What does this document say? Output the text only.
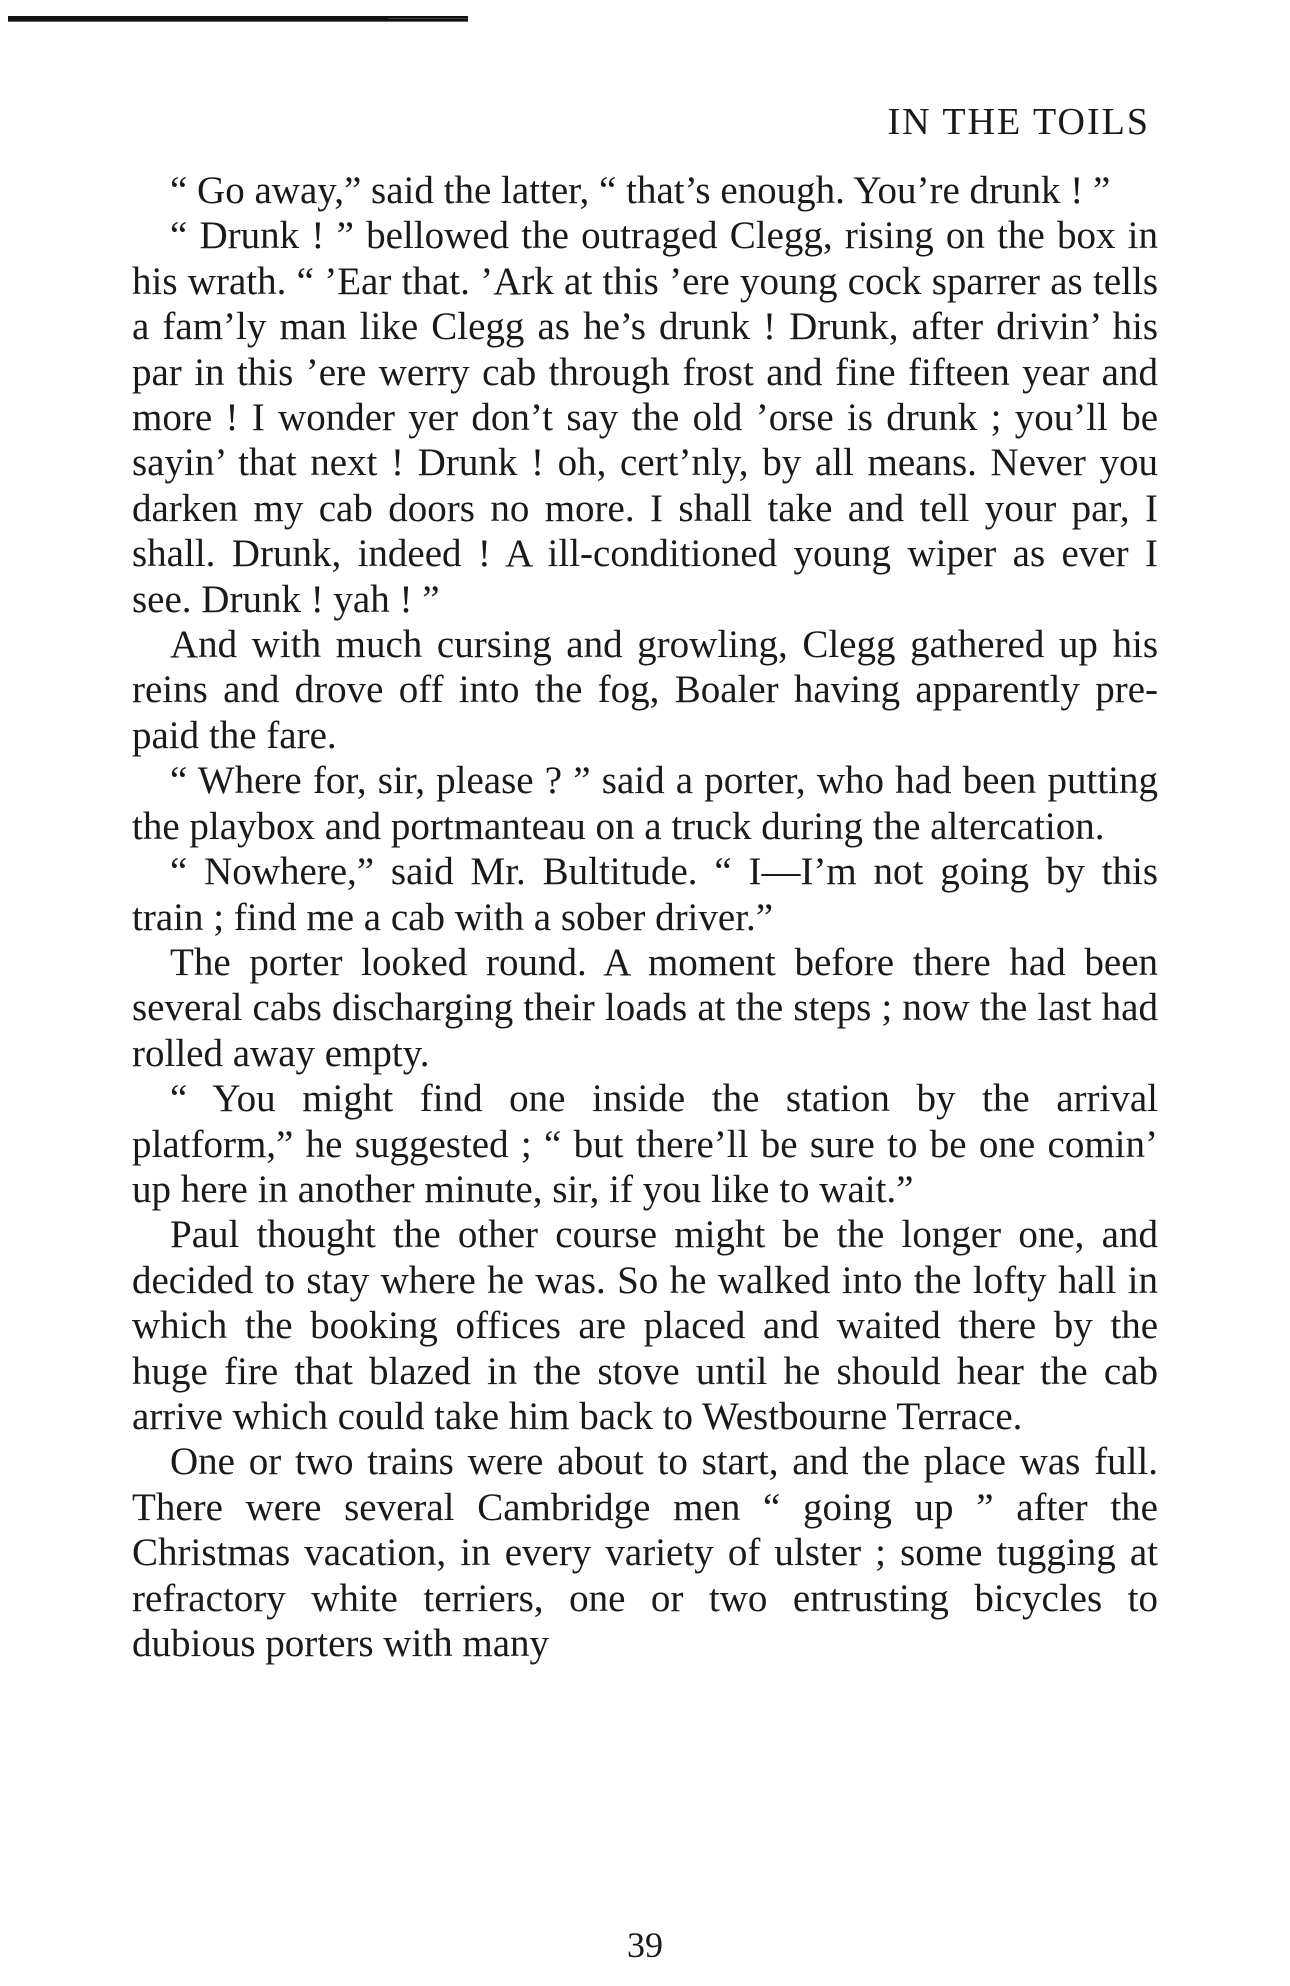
IN THE TOILS

“ Go away,” said the latter, “ that’s enough. You’re drunk ! ”

“ Drunk ! ” bellowed the outraged Clegg, rising on the box in his wrath. “ ’Ear that. ’Ark at this ’ere young cock sparrer as tells a fam’ly man like Clegg as he’s drunk ! Drunk, after drivin’ his par in this ’ere werry cab through frost and fine fifteen year and more ! I wonder yer don’t say the old ’orse is drunk ; you’ll be sayin’ that next ! Drunk ! oh, cert’nly, by all means. Never you darken my cab doors no more. I shall take and tell your par, I shall. Drunk, indeed ! A ill-conditioned young wiper as ever I see. Drunk ! yah ! ”

And with much cursing and growling, Clegg gathered up his reins and drove off into the fog, Boaler having apparently pre-paid the fare.

“ Where for, sir, please ? ” said a porter, who had been putting the playbox and portmanteau on a truck during the altercation.

“ Nowhere,” said Mr. Bultitude. “ I—I’m not going by this train ; find me a cab with a sober driver.”

The porter looked round. A moment before there had been several cabs discharging their loads at the steps ; now the last had rolled away empty.

“ You might find one inside the station by the arrival platform,” he suggested ; “ but there’ll be sure to be one comin’ up here in another minute, sir, if you like to wait.”

Paul thought the other course might be the longer one, and decided to stay where he was. So he walked into the lofty hall in which the booking offices are placed and waited there by the huge fire that blazed in the stove until he should hear the cab arrive which could take him back to Westbourne Terrace.

One or two trains were about to start, and the place was full. There were several Cambridge men “ going up ” after the Christmas vacation, in every variety of ulster ; some tugging at refractory white terriers, one or two entrusting bicycles to dubious porters with many

39
